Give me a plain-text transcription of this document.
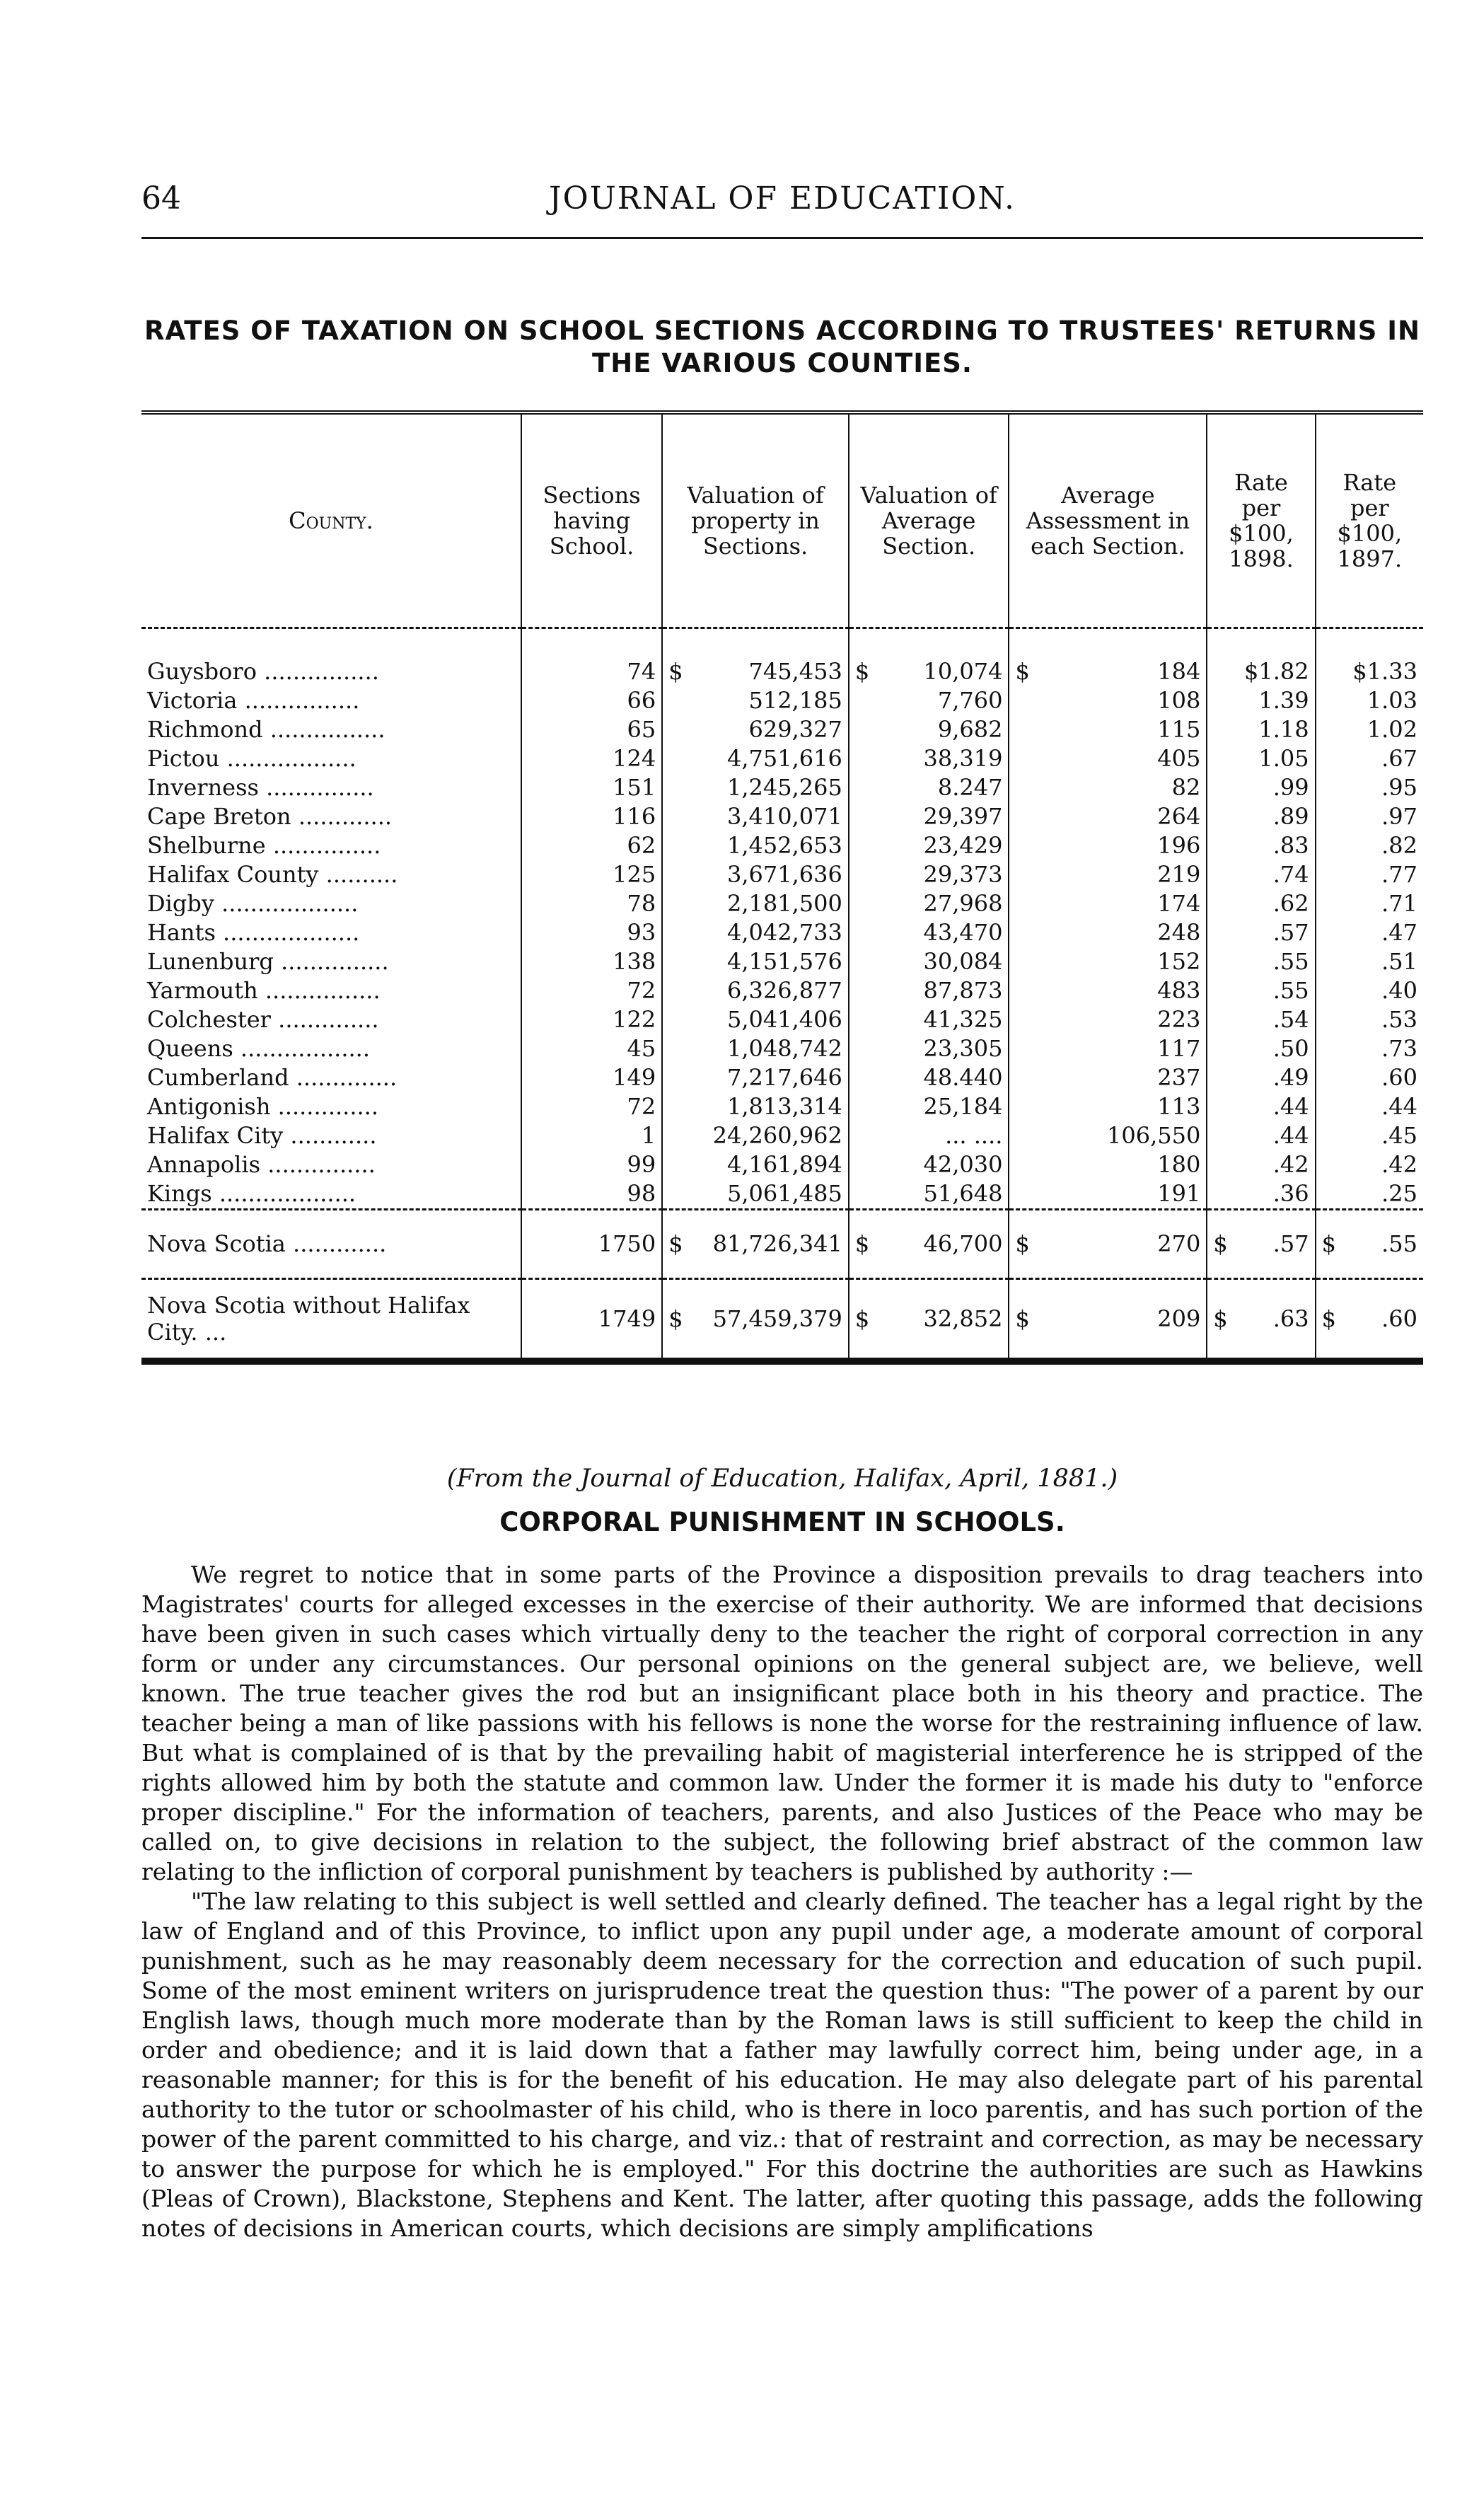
64	JOURNAL OF EDUCATION.
RATES OF TAXATION ON SCHOOL SECTIONS ACCORDING TO TRUSTEES' RETURNS IN THE VARIOUS COUNTIES.
County.	Sections having School.	Valuation of property in Sections.	Valuation of Average Section.	Average Assessment in each Section.	Rate per $100, 1898.	Rate per $100, 1897.
Guysboro ................	74	$ 745,453	$ 10,074	$ 184	$1.82	$1.33
Victoria ................	66	512,185	7,760	108	1.39	1.03
Richmond ................	65	629,327	9,682	115	1.18	1.02
Pictou ..................	124	4,751,616	38,319	405	1.05	.67
Inverness ...............	151	1,245,265	8.247	82	.99	.95
Cape Breton .............	116	3,410,071	29,397	264	.89	.97
Shelburne ...............	62	1,452,653	23,429	196	.83	.82
Halifax County ..........	125	3,671,636	29,373	219	.74	.77
Digby ...................	78	2,181,500	27,968	174	.62	.71
Hants ...................	93	4,042,733	43,470	248	.57	.47
Lunenburg ...............	138	4,151,576	30,084	152	.55	.51
Yarmouth ................	72	6,326,877	87,873	483	.55	.40
Colchester ..............	122	5,041,406	41,325	223	.54	.53
Queens ..................	45	1,048,742	23,305	117	.50	.73
Cumberland ..............	149	7,217,646	48.440	237	.49	.60
Antigonish ..............	72	1,813,314	25,184	113	.44	.44
Halifax City ............	1	24,260,962	... ....	106,550	.44	.45
Annapolis ...............	99	4,161,894	42,030	180	.42	.42
Kings ...................	98	5,061,485	51,648	191	.36	.25
Nova Scotia .............	1750	$ 81,726,341	$ 46,700	$ 270	$ .57	$ .55
Nova Scotia without Halifax City. ...	1749	$ 57,459,379	$ 32,852	$ 209	$ .63	$ .60
(From the Journal of Education, Halifax, April, 1881.)
CORPORAL PUNISHMENT IN SCHOOLS.

We regret to notice that in some parts of the Province a disposition prevails to drag teachers into Magistrates' courts for alleged excesses in the exercise of their authority. We are informed that decisions have been given in such cases which virtually deny to the teacher the right of corporal correction in any form or under any circumstances. Our personal opinions on the general subject are, we believe, well known. The true teacher gives the rod but an insignificant place both in his theory and practice. The teacher being a man of like passions with his fellows is none the worse for the restraining influence of law. But what is complained of is that by the prevailing habit of magisterial interference he is stripped of the rights allowed him by both the statute and common law. Under the former it is made his duty to "enforce proper discipline." For the information of teachers, parents, and also Justices of the Peace who may be called on, to give decisions in relation to the subject, the following brief abstract of the common law relating to the infliction of corporal punishment by teachers is published by authority :—

"The law relating to this subject is well settled and clearly defined. The teacher has a legal right by the law of England and of this Province, to inflict upon any pupil under age, a moderate amount of corporal punishment, such as he may reasonably deem necessary for the correction and education of such pupil. Some of the most eminent writers on jurisprudence treat the question thus: "The power of a parent by our English laws, though much more moderate than by the Roman laws is still sufficient to keep the child in order and obedience; and it is laid down that a father may lawfully correct him, being under age, in a reasonable manner; for this is for the benefit of his education. He may also delegate part of his parental authority to the tutor or schoolmaster of his child, who is there in loco parentis, and has such portion of the power of the parent committed to his charge, and viz.: that of restraint and correction, as may be necessary to answer the purpose for which he is employed." For this doctrine the authorities are such as Hawkins (Pleas of Crown), Blackstone, Stephens and Kent. The latter, after quoting this passage, adds the following notes of decisions in American courts, which decisions are simply amplifications
